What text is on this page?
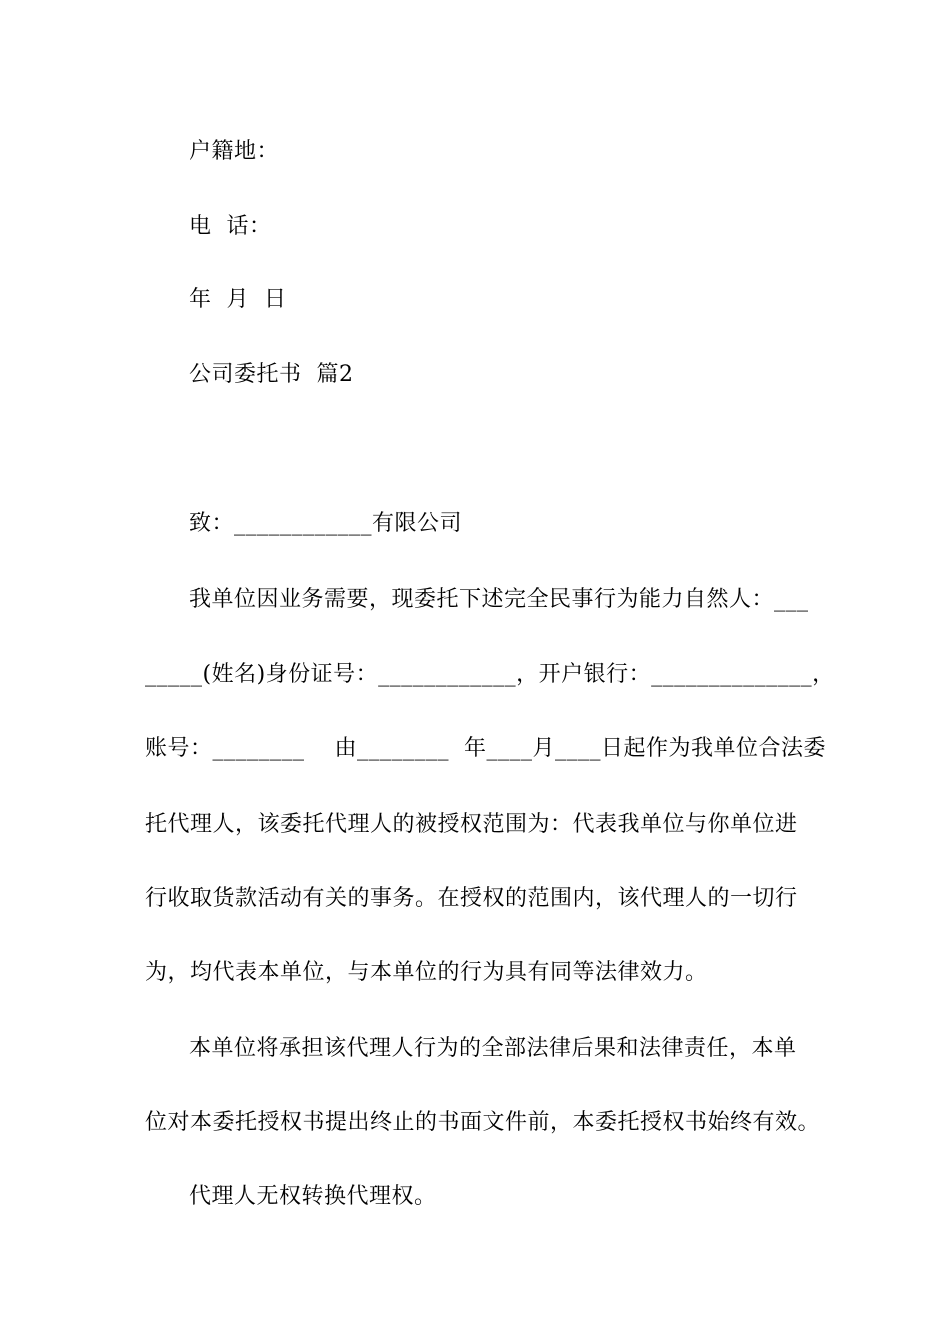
户籍地：
电  话：
年  月  日
公司委托书  篇2
致：____________有限公司
我单位因业务需要，现委托下述完全民事行为能力自然人：___
_____(姓名)身份证号：____________，开户银行：______________，
账号：________    由________  年____月____日起作为我单位合法委
托代理人，该委托代理人的被授权范围为：代表我单位与你单位进
行收取货款活动有关的事务。在授权的范围内，该代理人的一切行
为，均代表本单位，与本单位的行为具有同等法律效力。
本单位将承担该代理人行为的全部法律后果和法律责任，本单
位对本委托授权书提出终止的书面文件前，本委托授权书始终有效。
代理人无权转换代理权。
